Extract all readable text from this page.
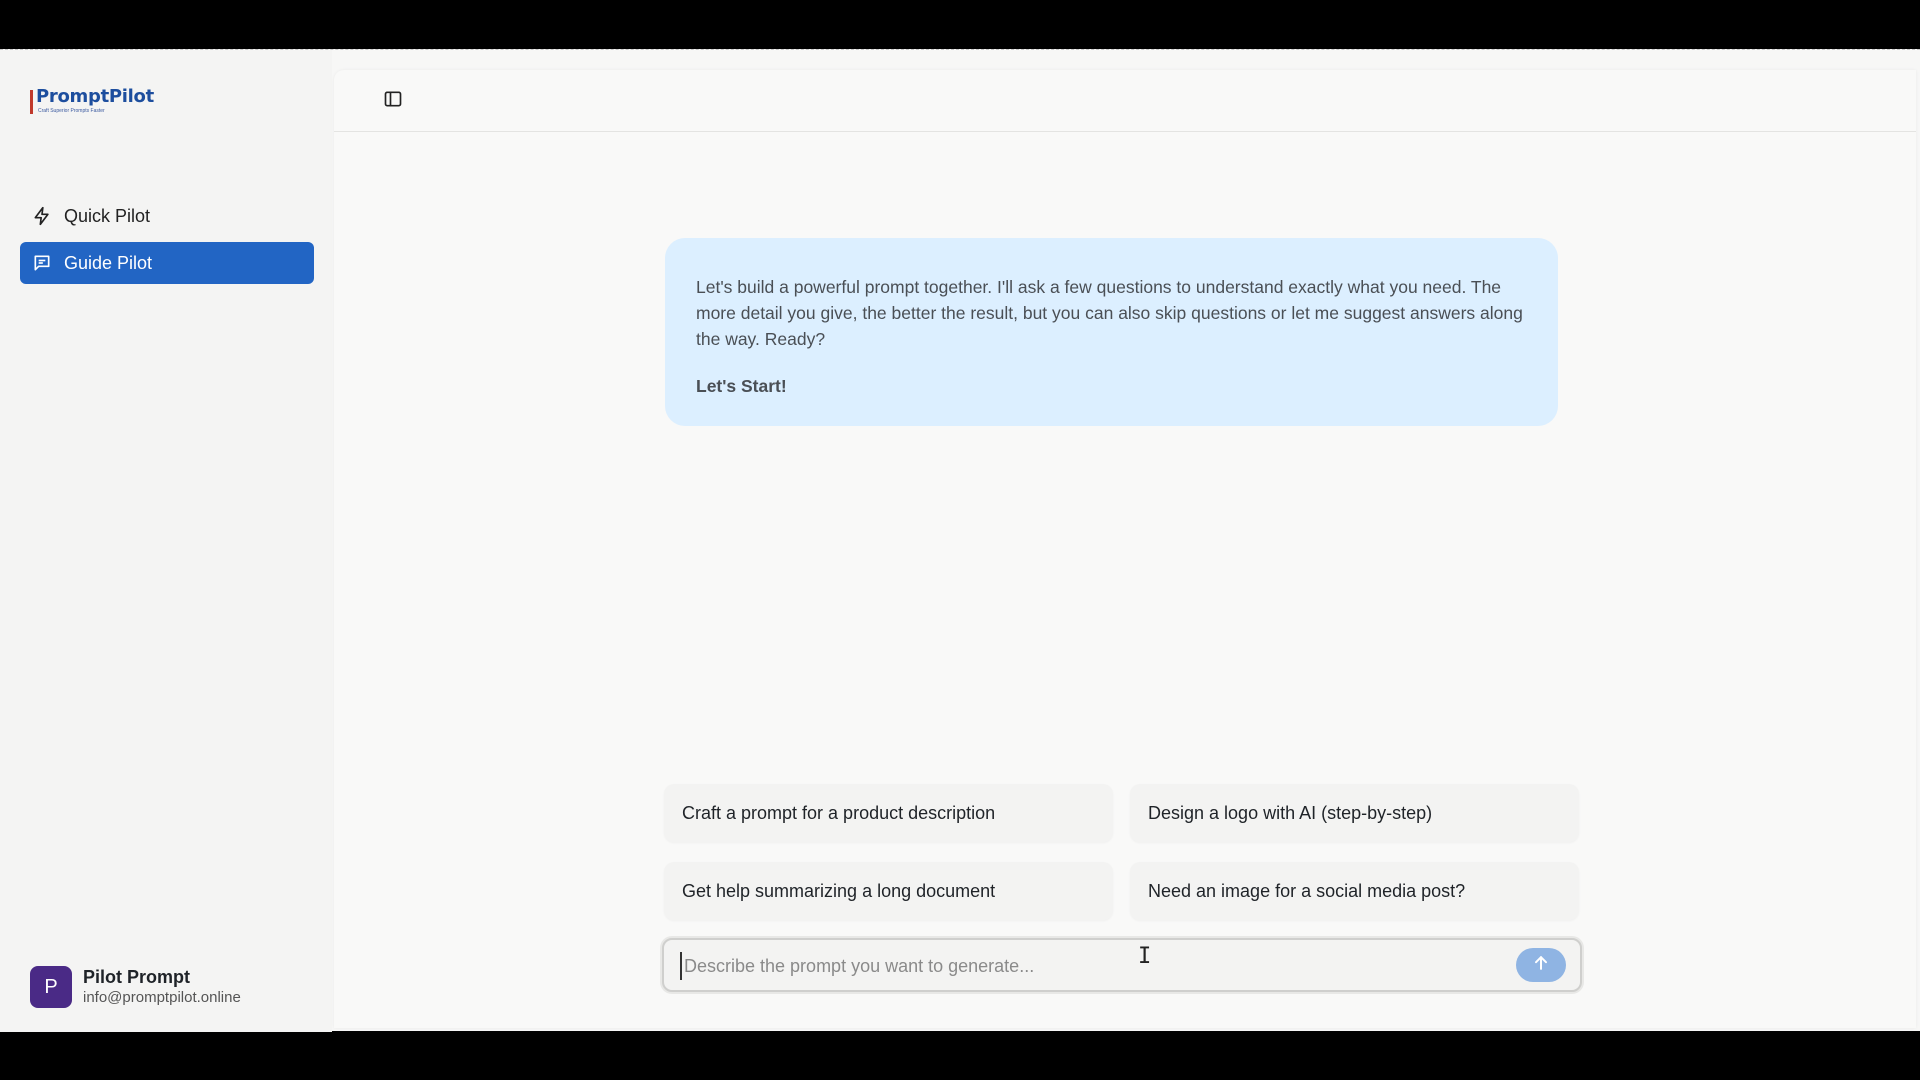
PromptPilot
Craft Superior Prompts Faster
Quick Pilot
Guide Pilot
P	Pilot Prompt
info@promptpilot.online
Let's build a powerful prompt together. I'll ask a few questions to understand exactly what you need. The more detail you give, the better the result, but you can also skip questions or let me suggest answers along the way. Ready?
Let's Start!
Craft a prompt for a product description	Design a logo with AI (step-by-step)
Get help summarizing a long document	Need an image for a social media post?
Describe the prompt you want to generate...
I
